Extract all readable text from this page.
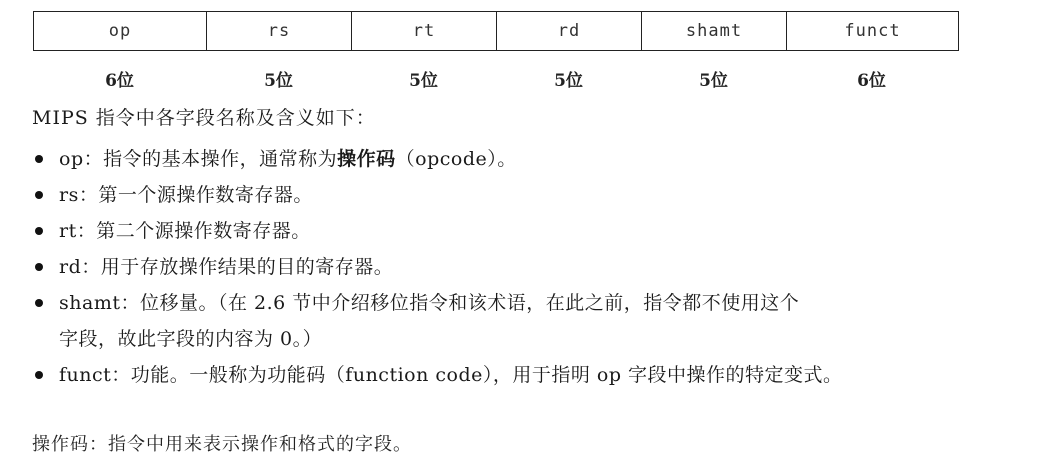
op	rs	rt	rd	shamt	funct
6位	5位	5位	5位	5位	6位
MIPS 指令中各字段名称及含义如下：
op：指令的基本操作，通常称为操作码（opcode）。
rs：第一个源操作数寄存器。
rt：第二个源操作数寄存器。
rd：用于存放操作结果的目的寄存器。
shamt：位移量。（在 2.6 节中介绍移位指令和该术语，在此之前，指令都不使用这个
字段，故此字段的内容为 0。）
funct：功能。一般称为功能码（function code），用于指明 op 字段中操作的特定变式。
操作码：指令中用来表示操作和格式的字段。
